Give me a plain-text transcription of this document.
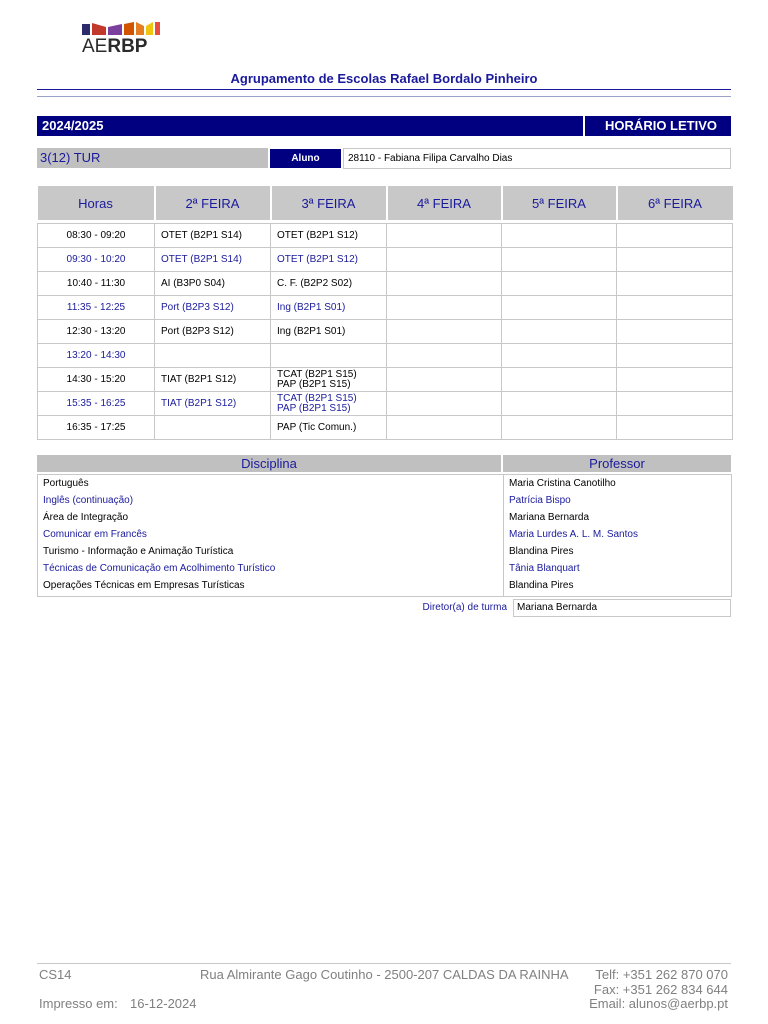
AERBP
Agrupamento de Escolas Rafael Bordalo Pinheiro
2024/2025	HORÁRIO LETIVO
3(12) TUR	Aluno	28110 - Fabiana Filipa Carvalho Dias
Horas	2ª FEIRA	3ª FEIRA	4ª FEIRA	5ª FEIRA	6ª FEIRA

08:30 - 09:20	OTET (B2P1 S14)	OTET (B2P1 S12)			
09:30 - 10:20	OTET (B2P1 S14)	OTET (B2P1 S12)			
10:40 - 11:30	AI (B3P0 S04)	C. F. (B2P2 S02)			
11:35 - 12:25	Port (B2P3 S12)	Ing (B2P1 S01)			
12:30 - 13:20	Port (B2P3 S12)	Ing (B2P1 S01)			
13:20 - 14:30					
14:30 - 15:20	TIAT (B2P1 S12)	TCAT (B2P1 S15)
PAP (B2P1 S15)			

15:35 - 16:25	TIAT (B2P1 S12)	TCAT (B2P1 S15)
PAP (B2P1 S15)			

16:35 - 17:25		PAP (Tic Comun.)			
Disciplina	Professor
Português	Maria Cristina Canotilho
Inglês (continuação)	Patrícia Bispo
Área de Integração	Mariana Bernarda
Comunicar em Francês	Maria Lurdes A. L. M. Santos
Turismo - Informação e Animação Turística	Blandina Pires
Técnicas de Comunicação em Acolhimento Turístico	Tânia Blanquart
Operações Técnicas em Empresas Turísticas	Blandina Pires
Diretor(a) de turma	Mariana Bernarda
CS14
Impresso em: 16-12-2024
Rua Almirante Gago Coutinho - 2500-207 CALDAS DA RAINHA Telf: +351 262 870 070
Fax: +351 262 834 644
Email: alunos@aerbp.pt
